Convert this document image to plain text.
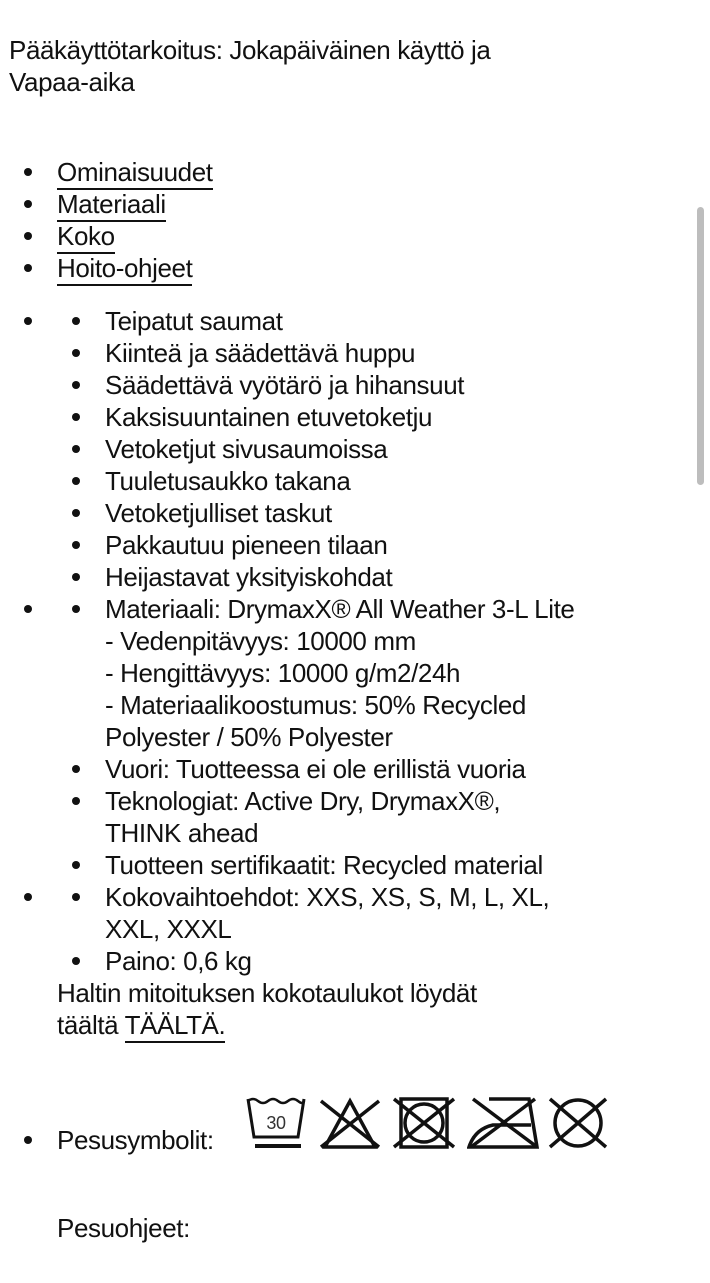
Pääkäyttötarkoitus: Jokapäiväinen käyttö ja
Vapaa-aika
Ominaisuudet
Materiaali
Koko
Hoito-ohjeet
Teipatut saumat
Kiinteä ja säädettävä huppu
Säädettävä vyötärö ja hihansuut
Kaksisuuntainen etuvetoketju
Vetoketjut sivusaumoissa
Tuuletusaukko takana
Vetoketjulliset taskut
Pakkautuu pieneen tilaan
Heijastavat yksityiskohdat
Materiaali: DrymaxX® All Weather 3-L Lite
- Vedenpitävyys: 10000 mm
- Hengittävyys: 10000 g/m2/24h
- Materiaalikoostumus: 50% Recycled
Polyester / 50% Polyester
Vuori: Tuotteessa ei ole erillistä vuoria
Teknologiat: Active Dry, DrymaxX®,
THINK ahead
Tuotteen sertifikaatit: Recycled material
Kokovaihtoehdot: XXS, XS, S, M, L, XL,
XXL, XXXL
Paino: 0,6 kg
Haltin mitoituksen kokotaulukot löydät
täältä TÄÄLTÄ.
Pesusymbolit:
30
Pesuohjeet:
